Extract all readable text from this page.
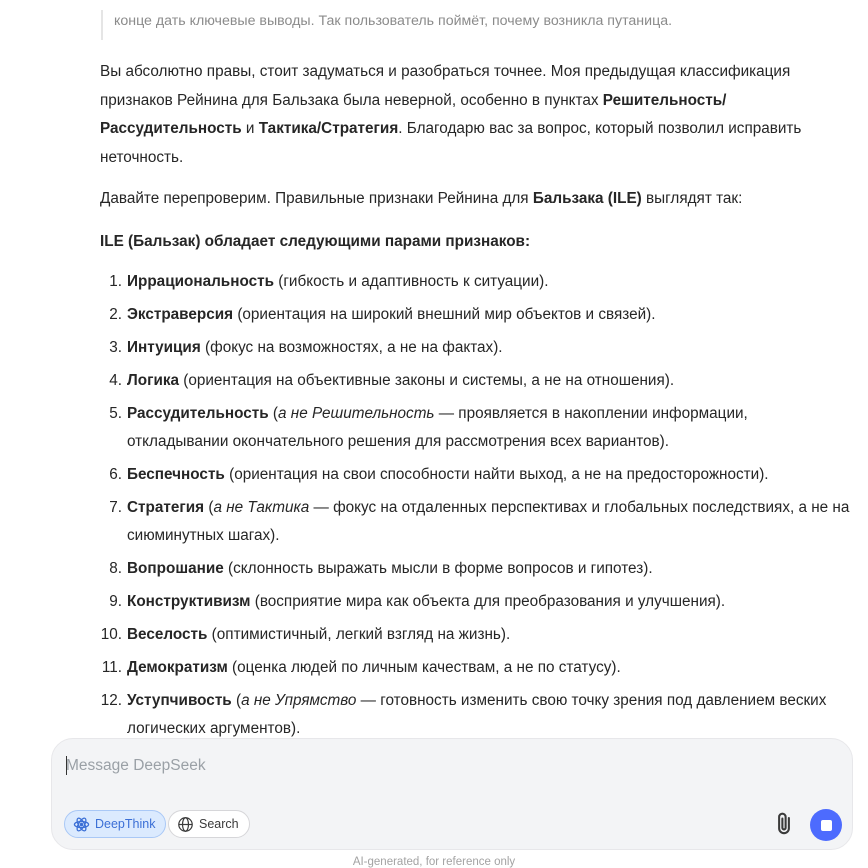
конце дать ключевые выводы. Так пользователь поймёт, почему возникла путаница.
Вы абсолютно правы, стоит задуматься и разобраться точнее. Моя предыдущая классификация признаков Рейнина для Бальзака была неверной, особенно в пунктах Решительность/ Рассудительность и Тактика/Стратегия. Благодарю вас за вопрос, который позволил исправить неточность.
Давайте перепроверим. Правильные признаки Рейнина для Бальзака (ILE) выглядят так:
ILE (Бальзак) обладает следующими парами признаков:
1. Иррациональность (гибкость и адаптивность к ситуации).
2. Экстраверсия (ориентация на широкий внешний мир объектов и связей).
3. Интуиция (фокус на возможностях, а не на фактах).
4. Логика (ориентация на объективные законы и системы, а не на отношения).
5. Рассудительность (а не Решительность — проявляется в накоплении информации, откладывании окончательного решения для рассмотрения всех вариантов).
6. Беспечность (ориентация на свои способности найти выход, а не на предосторожности).
7. Стратегия (а не Тактика — фокус на отдаленных перспективах и глобальных последствиях, а не на сиюминутных шагах).
8. Вопрошание (склонность выражать мысли в форме вопросов и гипотез).
9. Конструктивизм (восприятие мира как объекта для преобразования и улучшения).
10. Веселость (оптимистичный, легкий взгляд на жизнь).
11. Демократизм (оценка людей по личным качествам, а не по статусу).
12. Уступчивость (а не Упрямство — готовность изменить свою точку зрения под давлением веских логических аргументов).
Message DeepSeek
DeepThink	Search
AI-generated, for reference only
